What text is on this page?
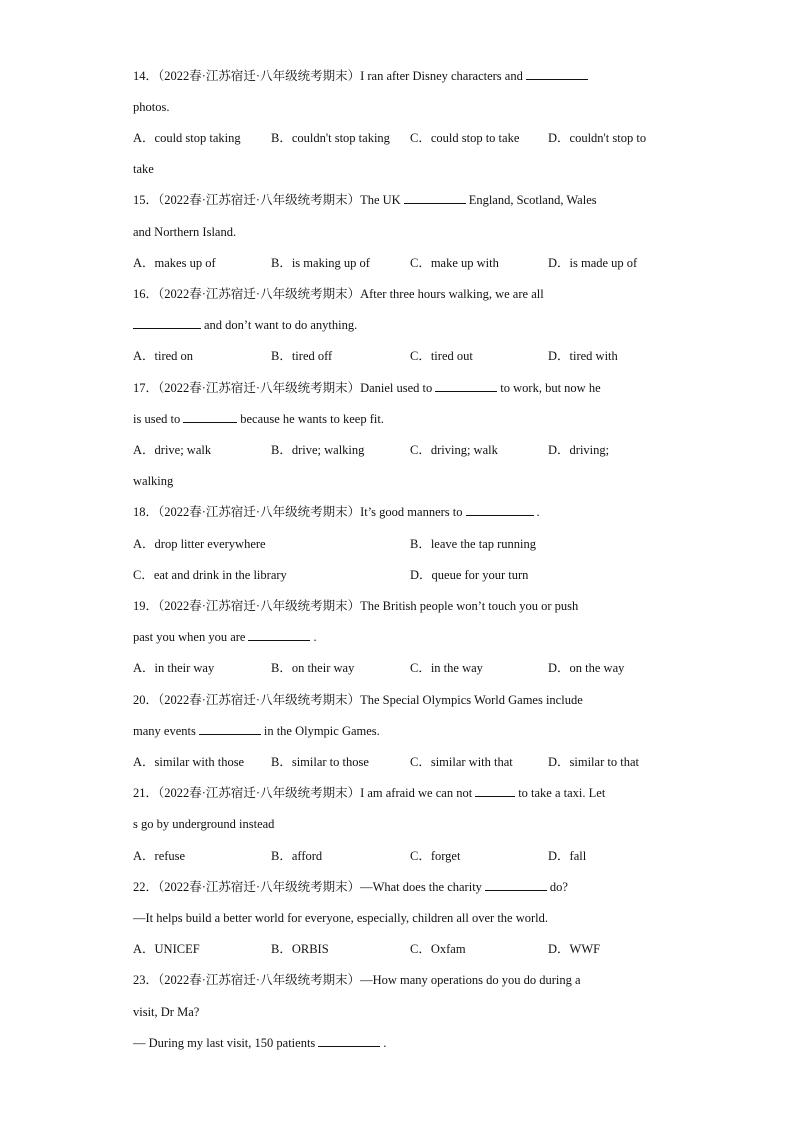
14．（2022春·江苏宿迁·八年级统考期末）I ran after Disney characters and
photos.
A．could stop taking B．couldn't stop taking C．could stop to take D．couldn't stop to
take
15．（2022春·江苏宿迁·八年级统考期末）The UK	England, Scotland, Wales
and Northern Island.
A．makes up of	B．is making up of	C．make up with	D．is made up of
16．（2022春·江苏宿迁·八年级统考期末）After three hours walking, we are all
and don’t want to do anything.
A．tired on	B．tired off	C．tired out	D．tired with
17．（2022春·江苏宿迁·八年级统考期末）Daniel used to	to work, but now he
is used to	because he wants to keep fit.
A．drive; walk	B．drive; walking	C．driving; walk	D．driving;
walking
18．（2022春·江苏宿迁·八年级统考期末）It’s good manners to	.
A．drop litter everywhere	B．leave the tap running
C．eat and drink in the library	D．queue for your turn
19．（2022春·江苏宿迁·八年级统考期末）The British people won’t touch you or push
past you when you are	.
A．in their way	B．on their way	C．in the way	D．on the way
20．（2022春·江苏宿迁·八年级统考期末）The Special Olympics World Games include
many events	in the Olympic Games.
A．similar with those B．similar to those	C．similar with that	D．similar to that
21．（2022春·江苏宿迁·八年级统考期末）I am afraid we can not	to take a taxi. Let
s go by underground instead
A．refuse	B．afford	C．forget	D．fall
22．（2022春·江苏宿迁·八年级统考期末）—What does the charity	do?
—It helps build a better world for everyone, especially, children all over the world.
A．UNICEF	B．ORBIS	C．Oxfam	D．WWF
23．（2022春·江苏宿迁·八年级统考期末）—How many operations do you do during a
visit, Dr Ma?
— During my last visit, 150 patients	.
